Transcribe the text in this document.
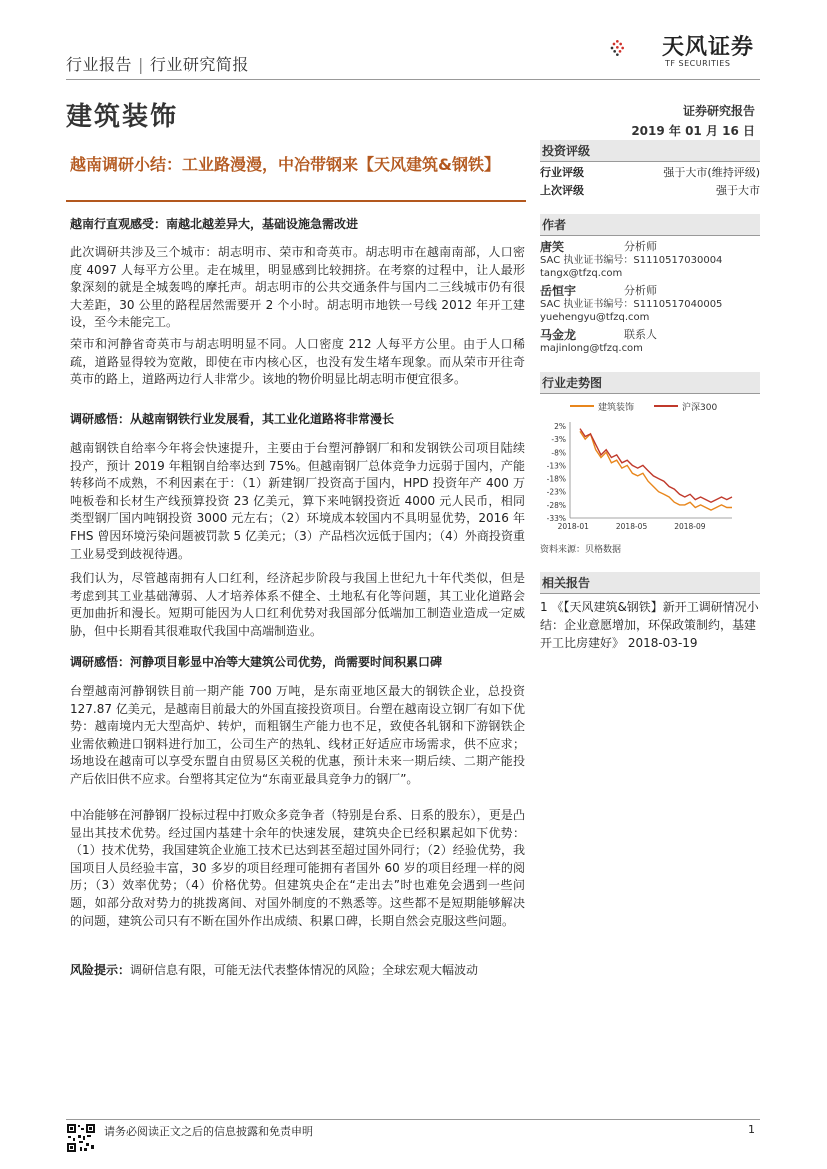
行业报告 | 行业研究简报
天风证券
TF SECURITIES
建筑装饰	证券研究报告
2019 年 01 月 16 日
越南调研小结：工业路漫漫，中冶带钢来【天风建筑&钢铁】
越南行直观感受：南越北越差异大，基础设施急需改进

此次调研共涉及三个城市：胡志明市、荣市和奇英市。胡志明市在越南南部，人口密度 4097 人每平方公里。走在城里，明显感到比较拥挤。在考察的过程中，让人最形象深刻的就是全城轰鸣的摩托声。胡志明市的公共交通条件与国内二三线城市仍有很大差距，30 公里的路程居然需要开 2 个小时。胡志明市地铁一号线 2012 年开工建设，至今未能完工。

荣市和河静省奇英市与胡志明明显不同。人口密度 212 人每平方公里。由于人口稀疏，道路显得较为宽敞，即使在市内核心区，也没有发生堵车现象。而从荣市开往奇英市的路上，道路两边行人非常少。该地的物价明显比胡志明市便宜很多。

调研感悟：从越南钢铁行业发展看，其工业化道路将非常漫长

越南钢铁自给率今年将会快速提升，主要由于台塑河静钢厂和和发钢铁公司项目陆续投产，预计 2019 年粗钢自给率达到 75%。但越南钢厂总体竞争力远弱于国内，产能转移尚不成熟，不利因素在于：（1）新建钢厂投资高于国内，HPD 投资年产 400 万吨板卷和长材生产线预算投资 23 亿美元，算下来吨钢投资近 4000 元人民币，相同类型钢厂国内吨钢投资 3000 元左右；（2）环境成本较国内不具明显优势，2016 年 FHS 曾因环境污染问题被罚款 5 亿美元；（3）产品档次远低于国内；（4）外商投资重工业易受到歧视待遇。

我们认为，尽管越南拥有人口红利，经济起步阶段与我国上世纪九十年代类似，但是考虑到其工业基础薄弱、人才培养体系不健全、土地私有化等问题，其工业化道路会更加曲折和漫长。短期可能因为人口红利优势对我国部分低端加工制造业造成一定威胁，但中长期看其很难取代我国中高端制造业。

调研感悟：河静项目彰显中冶等大建筑公司优势，尚需要时间积累口碑

台塑越南河静钢铁目前一期产能 700 万吨，是东南亚地区最大的钢铁企业，总投资 127.87 亿美元，是越南目前最大的外国直接投资项目。台塑在越南设立钢厂有如下优势：越南境内无大型高炉、转炉，而粗钢生产能力也不足，致使各轧钢和下游钢铁企业需依赖进口钢料进行加工，公司生产的热轧、线材正好适应市场需求，供不应求；场地设在越南可以享受东盟自由贸易区关税的优惠，预计未来一期后续、二期产能投产后依旧供不应求。台塑将其定位为“东南亚最具竞争力的钢厂”。

中冶能够在河静钢厂投标过程中打败众多竞争者（特别是台系、日系的股东），更是凸显出其技术优势。经过国内基建十余年的快速发展，建筑央企已经积累起如下优势：（1）技术优势，我国建筑企业施工技术已达到甚至超过国外同行；（2）经验优势，我国项目人员经验丰富，30 多岁的项目经理可能拥有者国外 60 岁的项目经理一样的阅历；（3）效率优势；（4）价格优势。但建筑央企在“走出去”时也难免会遇到一些问题，如部分敌对势力的挑拨离间、对国外制度的不熟悉等。这些都不是短期能够解决的问题，建筑公司只有不断在国外作出成绩、积累口碑，长期自然会克服这些问题。

风险提示：调研信息有限，可能无法代表整体情况的风险；全球宏观大幅波动

投资评级
行业评级	强于大市(维持评级)
上次评级	强于大市
作者
唐笑	分析师
SAC 执业证书编号：S1110517030004
tangx@tfzq.com
岳恒宇	分析师
SAC 执业证书编号：S1110517040005
yuehengyu@tfzq.com
马金龙	联系人
majinlong@tfzq.com
行业走势图
建筑装饰	沪深300
2%
-3%
-8%
-13%
-18%
-23%
-28%
-33%
2018-01	2018-05	2018-09
资料来源：贝格数据
相关报告
1 《【天风建筑&钢铁】新开工调研情况小结：企业意愿增加，环保政策制约，基建开工比房建好》 2018-03-19
请务必阅读正文之后的信息披露和免责申明	1
